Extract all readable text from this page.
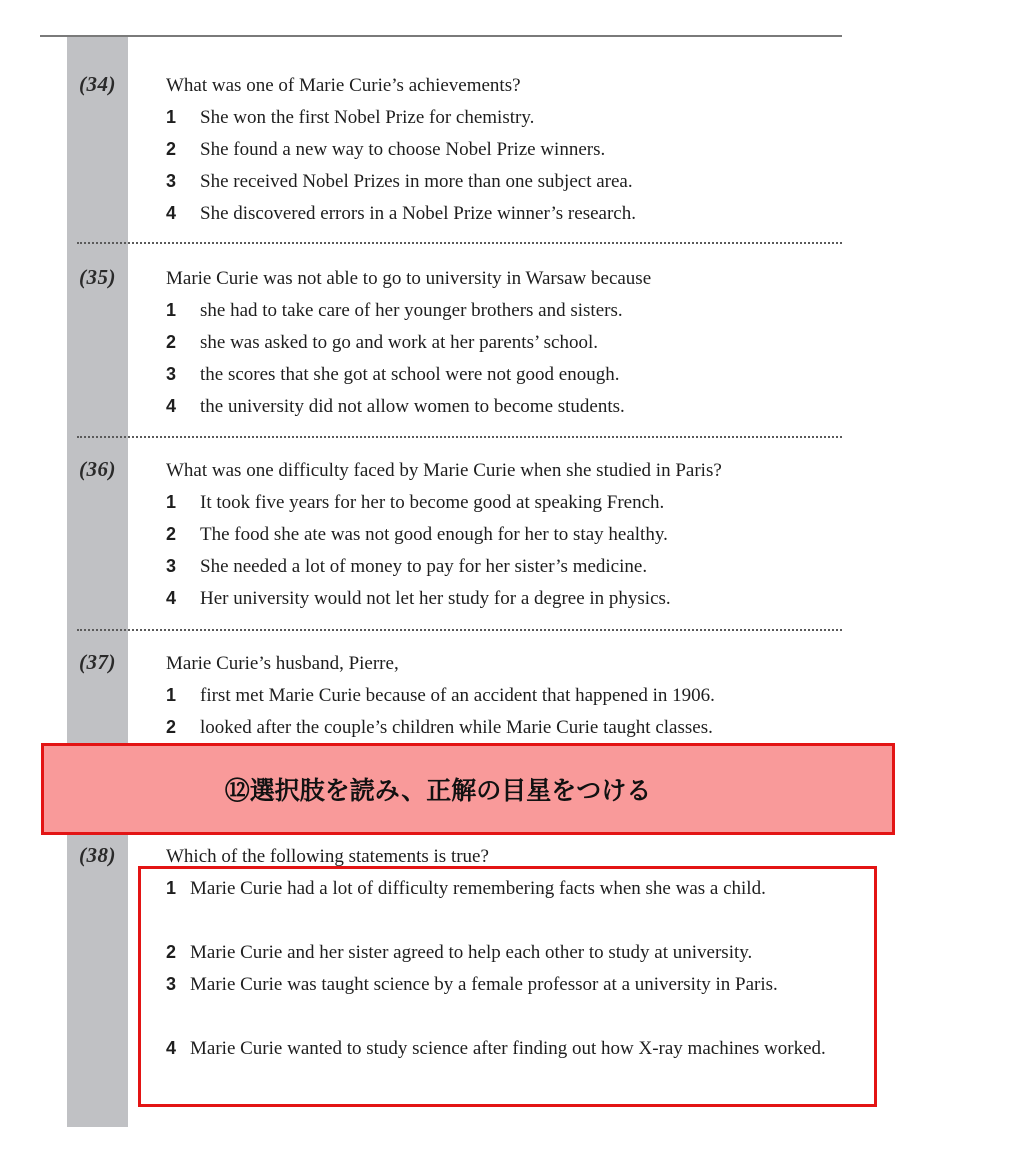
(34)	What was one of Marie Curie’s achievements?
1 She won the first Nobel Prize for chemistry.
2 She found a new way to choose Nobel Prize winners.
3 She received Nobel Prizes in more than one subject area.
4 She discovered errors in a Nobel Prize winner’s research.
(35)	Marie Curie was not able to go to university in Warsaw because
1 she had to take care of her younger brothers and sisters.
2 she was asked to go and work at her parents’ school.
3 the scores that she got at school were not good enough.
4 the university did not allow women to become students.
(36)	What was one difficulty faced by Marie Curie when she studied in Paris?
1 It took five years for her to become good at speaking French.
2 The food she ate was not good enough for her to stay healthy.
3 She needed a lot of money to pay for her sister’s medicine.
4 Her university would not let her study for a degree in physics.
(37)	Marie Curie’s husband, Pierre,
1 first met Marie Curie because of an accident that happened in 1906.
2 looked after the couple’s children while Marie Curie taught classes.
⑫選択肢を読み、正解の目星をつける
(38)	Which of the following statements is true?
1 Marie Curie had a lot of difficulty remembering facts when she was a child.
2 Marie Curie and her sister agreed to help each other to study at university.
3 Marie Curie was taught science by a female professor at a university in Paris.
4 Marie Curie wanted to study science after finding out how X-ray machines worked.
